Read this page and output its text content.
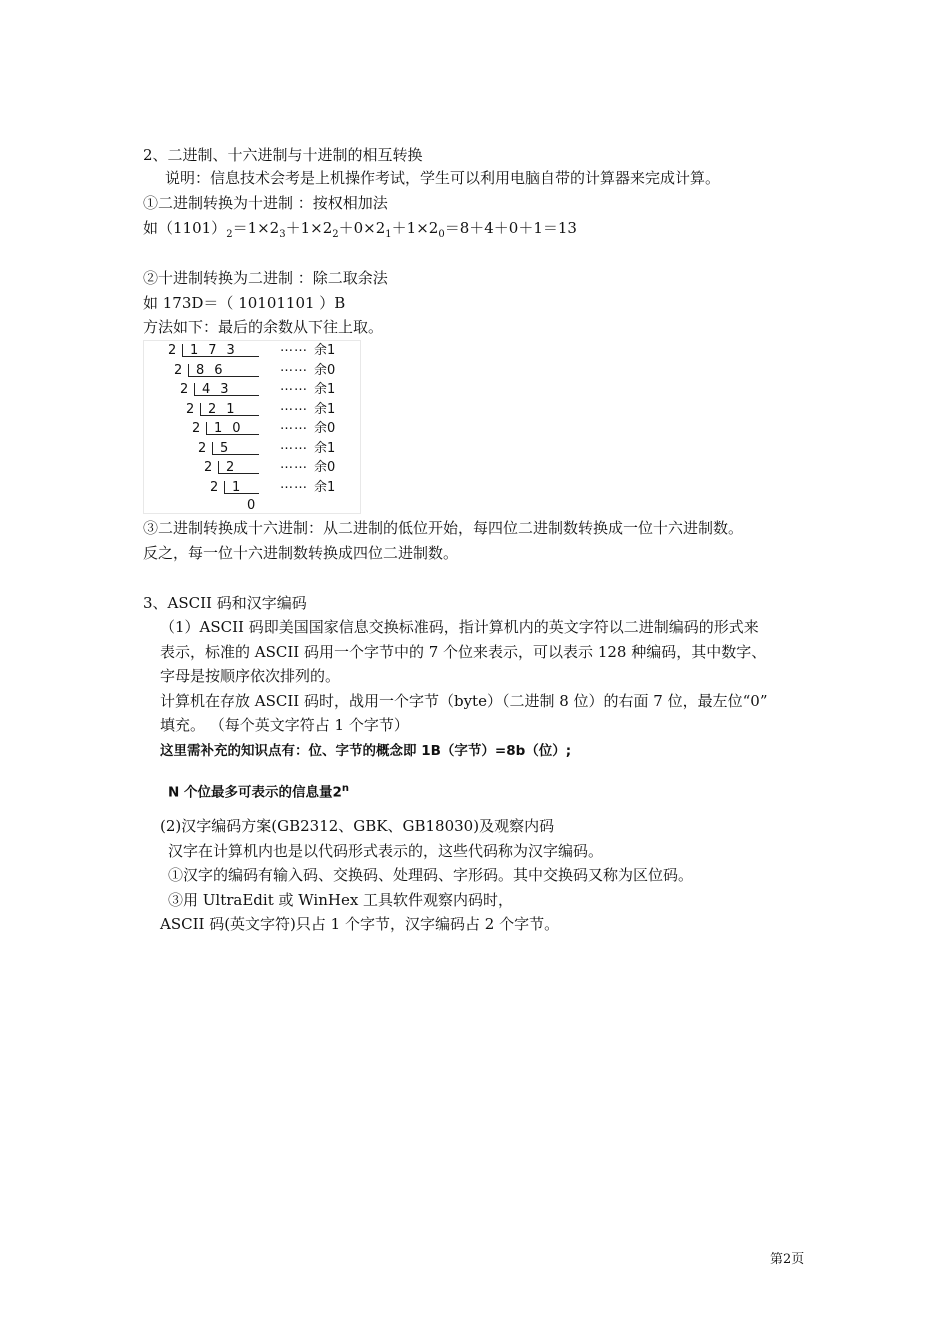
2、二进制、十六进制与十进制的相互转换
说明：信息技术会考是上机操作考试，学生可以利用电脑自带的计算器来完成计算。
①二进制转换为十进制 ：按权相加法
如$(1101)_2=1\times 2_3+1\times 2_2+0\times 2_1+1\times 2_0=8+4+0+1=13$
②十进制转换为二进制 ：除二取余法
如 173D＝（ 10101101 ）B
方法如下：最后的余数从下往上取。
2 173	…… 余1
2 86	…… 余0
2 43	…… 余1
2 21	…… 余1
2 10 …… 余0
2 5	…… 余1
2 2	…… 余0
2 1 …… 余1
0
③二进制转换成十六进制：从二进制的低位开始，每四位二进制数转换成一位十六进制数。
反之，每一位十六进制数转换成四位二进制数。
3、ASCII 码和汉字编码
（1）ASCII 码即美国国家信息交换标准码，指计算机内的英文字符以二进制编码的形式来
表示，标准的 ASCII 码用一个字节中的 7 个位来表示，可以表示 128 种编码，其中数字、
字母是按顺序依次排列的。
计算机在存放 ASCII 码时，战用一个字节（byte）（二进制 8 位）的右面 7 位，最左位“0”
填充。 （每个英文字符占 1 个字节）
这里需补充的知识点有：位、字节的概念即 1B（字节）=8b（位）;
N 个位最多可表示的信息量2$^n$
(2)汉字编码方案(GB2312、GBK、GB18030)及观察内码
汉字在计算机内也是以代码形式表示的，这些代码称为汉字编码。
①汉字的编码有输入码、交换码、处理码、字形码。其中交换码又称为区位码。
③用 UltraEdit 或 WinHex 工具软件观察内码时，
ASCII 码(英文字符)只占 1 个字节，汉字编码占 2 个字节。
第2页
